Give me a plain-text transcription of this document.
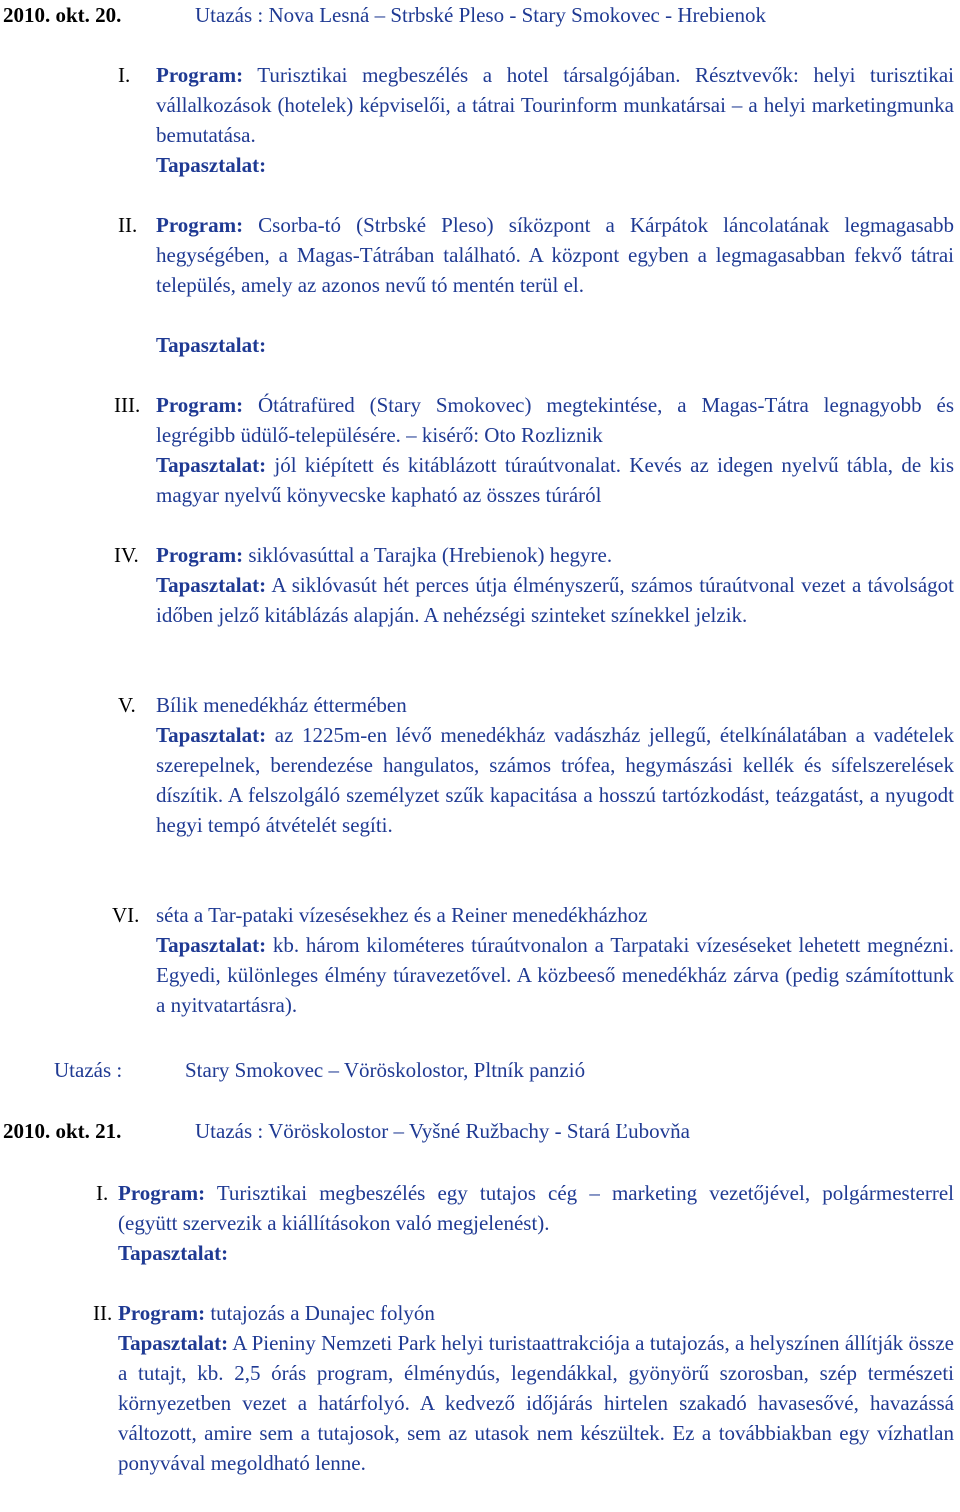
2010. okt. 20.	Utazás : Nova Lesná – Strbské Pleso - Stary Smokovec - Hrebienok
I. Program: Turisztikai megbeszélés a hotel társalgójában. Résztvevők: helyi turisztikai vállalkozások (hotelek) képviselői, a tátrai Tourinform munkatársai – a helyi marketingmunka bemutatása.
Tapasztalat:
II. Program: Csorba-tó (Strbské Pleso) síközpont a Kárpátok láncolatának legmagasabb hegységében, a Magas-Tátrában található. A központ egyben a legmagasabban fekvő tátrai település, amely az azonos nevű tó mentén terül el.
Tapasztalat:
III. Program: Ótátrafüred (Stary Smokovec) megtekintése, a Magas-Tátra legnagyobb és legrégibb üdülő-településére. – kisérő: Oto Rozliznik
Tapasztalat: jól kiépített és kitáblázott túraútvonalat. Kevés az idegen nyelvű tábla, de kis magyar nyelvű könyvecske kapható az összes túráról
IV. Program: siklóvasúttal a Tarajka (Hrebienok) hegyre.
Tapasztalat: A siklóvasút hét perces útja élményszerű, számos túraútvonal vezet a távolságot időben jelző kitáblázás alapján. A nehézségi szinteket színekkel jelzik.
V. Bílik menedékház éttermében
Tapasztalat: az 1225m-en lévő menedékház vadászház jellegű, ételkínálatában a vadételek szerepelnek, berendezése hangulatos, számos trófea, hegymászási kellék és sífelszerelések díszítik. A felszolgáló személyzet szűk kapacitása a hosszú tartózkodást, teázgatást, a nyugodt hegyi tempó átvételét segíti.
VI. séta a Tar-pataki vízesésekhez és a Reiner menedékházhoz
Tapasztalat: kb. három kilométeres túraútvonalon a Tarpataki vízeséseket lehetett megnézni. Egyedi, különleges élmény túravezetővel. A közbeeső menedékház zárva (pedig számítottunk a nyitvatartásra).
Utazás :	Stary Smokovec – Vöröskolostor, Pltník panzió
2010. okt. 21.	Utazás : Vöröskolostor – Vyšné Ružbachy - Stará Ľubovňa
I. Program: Turisztikai megbeszélés egy tutajos cég – marketing vezetőjével, polgármesterrel (együtt szervezik a kiállításokon való megjelenést).
Tapasztalat:
II. Program: tutajozás a Dunajec folyón
Tapasztalat: A Pieniny Nemzeti Park helyi turistaattrakciója a tutajozás, a helyszínen állítják össze a tutajt, kb. 2,5 órás program, élménydús, legendákkal, gyönyörű szorosban, szép természeti környezetben vezet a határfolyó. A kedvező időjárás hirtelen szakadó havasesővé, havazássá változott, amire sem a tutajosok, sem az utasok nem készültek. Ez a továbbiakban egy vízhatlan ponyvával megoldható lenne.
